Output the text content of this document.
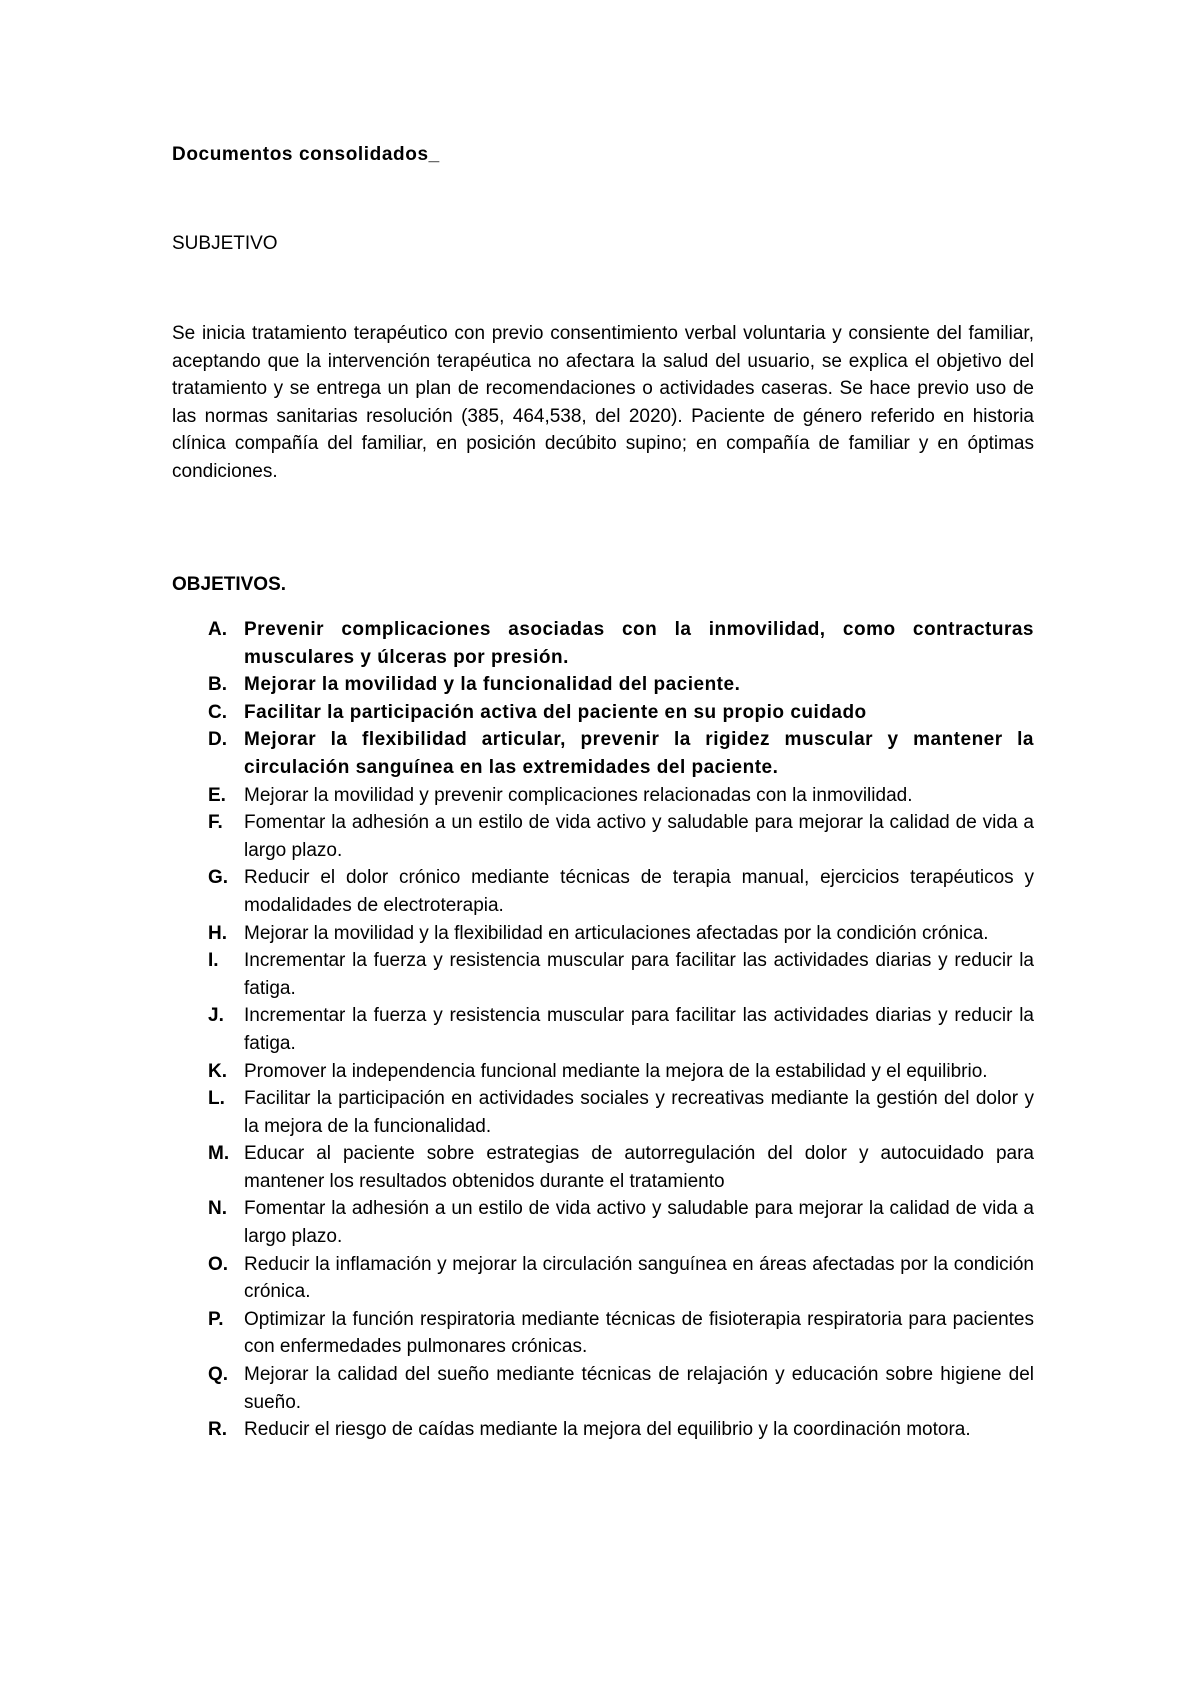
Documentos consolidados_
SUBJETIVO

Se inicia tratamiento terapéutico con previo consentimiento verbal voluntaria y consiente del familiar, aceptando que la intervención terapéutica no afectara la salud del usuario, se explica el objetivo del tratamiento y se entrega un plan de recomendaciones o actividades caseras. Se hace previo uso de las normas sanitarias resolución (385, 464,538, del 2020). Paciente de género referido en historia clínica compañía del familiar, en posición decúbito supino; en compañía de familiar y en óptimas condiciones.

OBJETIVOS.
A. Prevenir complicaciones asociadas con la inmovilidad, como contracturas musculares y úlceras por presión.
B. Mejorar la movilidad y la funcionalidad del paciente.
C. Facilitar la participación activa del paciente en su propio cuidado
D. Mejorar la flexibilidad articular, prevenir la rigidez muscular y mantener la circulación sanguínea en las extremidades del paciente.
E. Mejorar la movilidad y prevenir complicaciones relacionadas con la inmovilidad.
F.	Fomentar la adhesión a un estilo de vida activo y saludable para mejorar la calidad de vida a largo plazo.
G. Reducir el dolor crónico mediante técnicas de terapia manual, ejercicios terapéuticos y modalidades de electroterapia.
H. Mejorar la movilidad y la flexibilidad en articulaciones afectadas por la condición crónica.
I.	Incrementar la fuerza y resistencia muscular para facilitar las actividades diarias y reducir la fatiga.
J.	Incrementar la fuerza y resistencia muscular para facilitar las actividades diarias y reducir la fatiga.
K. Promover la independencia funcional mediante la mejora de la estabilidad y el equilibrio.
L.	Facilitar la participación en actividades sociales y recreativas mediante la gestión del dolor y la mejora de la funcionalidad.
M. Educar al paciente sobre estrategias de autorregulación del dolor y autocuidado para mantener los resultados obtenidos durante el tratamiento
N. Fomentar la adhesión a un estilo de vida activo y saludable para mejorar la calidad de vida a largo plazo.
O. Reducir la inflamación y mejorar la circulación sanguínea en áreas afectadas por la condición crónica.
P.	Optimizar la función respiratoria mediante técnicas de fisioterapia respiratoria para pacientes con enfermedades pulmonares crónicas.
Q. Mejorar la calidad del sueño mediante técnicas de relajación y educación sobre higiene del sueño.
R. Reducir el riesgo de caídas mediante la mejora del equilibrio y la coordinación motora.
